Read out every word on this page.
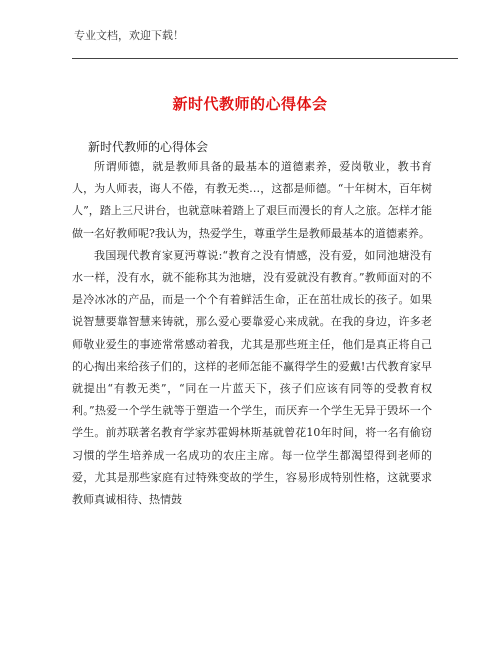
专业文档，欢迎下载！
新时代教师的心得体会
新时代教师的心得体会

所谓师德，就是教师具备的最基本的道德素养，爱岗敬业，教书育人，为人师表，诲人不倦，有教无类…，这都是师德。“十年树木，百年树人”，踏上三尺讲台，也就意味着踏上了艰巨而漫长的育人之旅。怎样才能做一名好教师呢?我认为，热爱学生，尊重学生是教师最基本的道德素养。

我国现代教育家夏沔尊说:“教育之没有情感，没有爱，如同池塘没有水一样，没有水，就不能称其为池塘，没有爱就没有教育。”教师面对的不是冷冰冰的产品，而是一个个有着鲜活生命，正在茁壮成长的孩子。如果说智慧要靠智慧来铸就，那么爱心要靠爱心来成就。在我的身边，许多老师敬业爱生的事迹常常感动着我，尤其是那些班主任，他们是真正将自己的心掏出来给孩子们的，这样的老师怎能不赢得学生的爱戴!古代教育家早就提出“有教无类”，“同在一片蓝天下，孩子们应该有同等的受教育权利。”热爱一个学生就等于塑造一个学生，而厌弃一个学生无异于毁坏一个学生。前苏联著名教育学家苏霍姆林斯基就曾花10年时间，将一名有偷窃习惯的学生培养成一名成功的农庄主席。每一位学生都渴望得到老师的爱，尤其是那些家庭有过特殊变故的学生，容易形成特别性格，这就要求教师真诚相待、热情鼓
